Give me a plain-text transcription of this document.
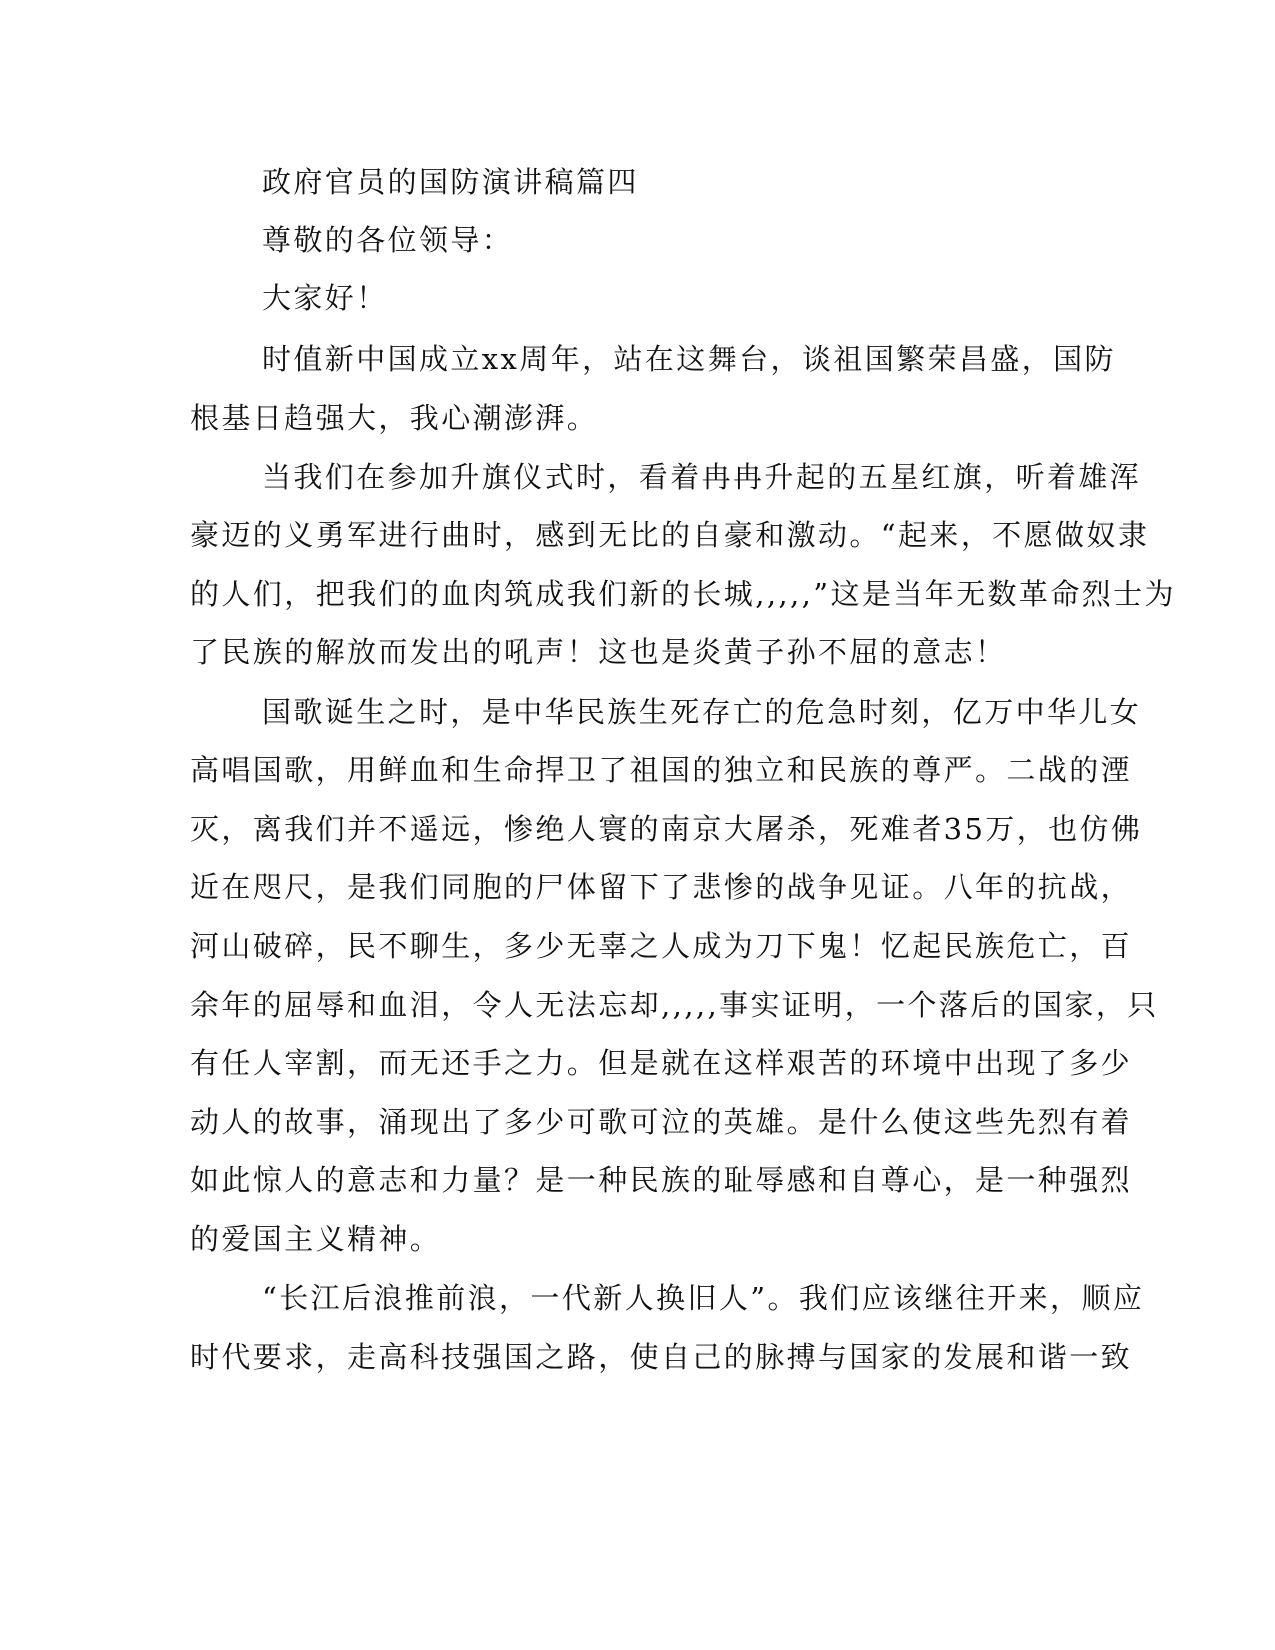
政府官员的国防演讲稿篇四
尊敬的各位领导：
大家好！
时值新中国成立xx周年，站在这舞台，谈祖国繁荣昌盛，国防
根基日趋强大，我心潮澎湃。
当我们在参加升旗仪式时，看着冉冉升起的五星红旗，听着雄浑
豪迈的义勇军进行曲时，感到无比的自豪和激动。“起来，不愿做奴隶
的人们，把我们的血肉筑成我们新的长城,,,,,”这是当年无数革命烈士为
了民族的解放而发出的吼声！这也是炎黄子孙不屈的意志！
国歌诞生之时，是中华民族生死存亡的危急时刻，亿万中华儿女
高唱国歌，用鲜血和生命捍卫了祖国的独立和民族的尊严。二战的湮
灭，离我们并不遥远，惨绝人寰的南京大屠杀，死难者35万，也仿佛
近在咫尺，是我们同胞的尸体留下了悲惨的战争见证。八年的抗战，
河山破碎，民不聊生，多少无辜之人成为刀下鬼！忆起民族危亡，百
余年的屈辱和血泪，令人无法忘却,,,,,事实证明，一个落后的国家，只
有任人宰割，而无还手之力。但是就在这样艰苦的环境中出现了多少
动人的故事，涌现出了多少可歌可泣的英雄。是什么使这些先烈有着
如此惊人的意志和力量？是一种民族的耻辱感和自尊心，是一种强烈
的爱国主义精神。
“长江后浪推前浪，一代新人换旧人”。我们应该继往开来，顺应
时代要求，走高科技强国之路，使自己的脉搏与国家的发展和谐一致
